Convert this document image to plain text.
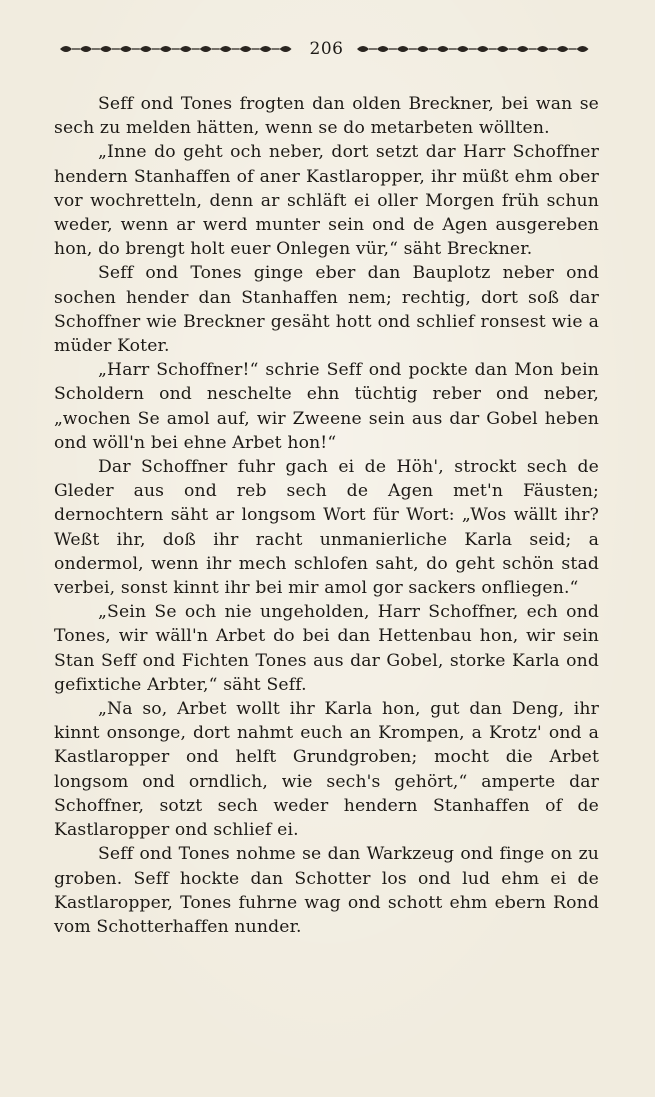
206

Seff ond Tones frogten dan olden Breckner, bei wan se sech zu melden hätten, wenn se do metarbeten wöllten.

„Inne do geht och neber, dort setzt dar Harr Schoffner hendern Stanhaffen of aner Kastlaropper, ihr müßt ehm ober vor wochretteln, denn ar schläft ei oller Morgen früh schun weder, wenn ar werd munter sein ond de Agen ausgereben hon, do brengt holt euer Onlegen vür,“ säht Breckner.

Seff ond Tones ginge eber dan Bauplotz neber ond sochen hender dan Stanhaffen nem; rechtig, dort soß dar Schoffner wie Breckner gesäht hott ond schlief ronsest wie a müder Koter.

„Harr Schoffner!“ schrie Seff ond pockte dan Mon bein Scholdern ond neschelte ehn tüchtig reber ond neber, „wochen Se amol auf, wir Zweene sein aus dar Gobel heben ond wöll'n bei ehne Arbet hon!“

Dar Schoffner fuhr gach ei de Höh', strockt sech de Gleder aus ond reb sech de Agen met'n Fäusten; dernochtern säht ar longsom Wort für Wort: „Wos wällt ihr? Weßt ihr, doß ihr racht unmanierliche Karla seid; a ondermol, wenn ihr mech schlofen saht, do geht schön stad verbei, sonst kinnt ihr bei mir amol gor sackers onfliegen.“

„Sein Se och nie ungeholden, Harr Schoffner, ech ond Tones, wir wäll'n Arbet do bei dan Hettenbau hon, wir sein Stan Seff ond Fichten Tones aus dar Gobel, storke Karla ond gefixtiche Arbter,“ säht Seff.

„Na so, Arbet wollt ihr Karla hon, gut dan Deng, ihr kinnt onsonge, dort nahmt euch an Krompen, a Krotz' ond a Kastlaropper ond helft Grundgroben; mocht die Arbet longsom ond orndlich, wie sech's gehört,“ amperte dar Schoffner, sotzt sech weder hendern Stanhaffen of de Kastlaropper ond schlief ei.

Seff ond Tones nohme se dan Warkzeug ond finge on zu groben. Seff hockte dan Schotter los ond lud ehm ei de Kastlaropper, Tones fuhrne wag ond schott ehm ebern Rond vom Schotterhaffen nunder.
